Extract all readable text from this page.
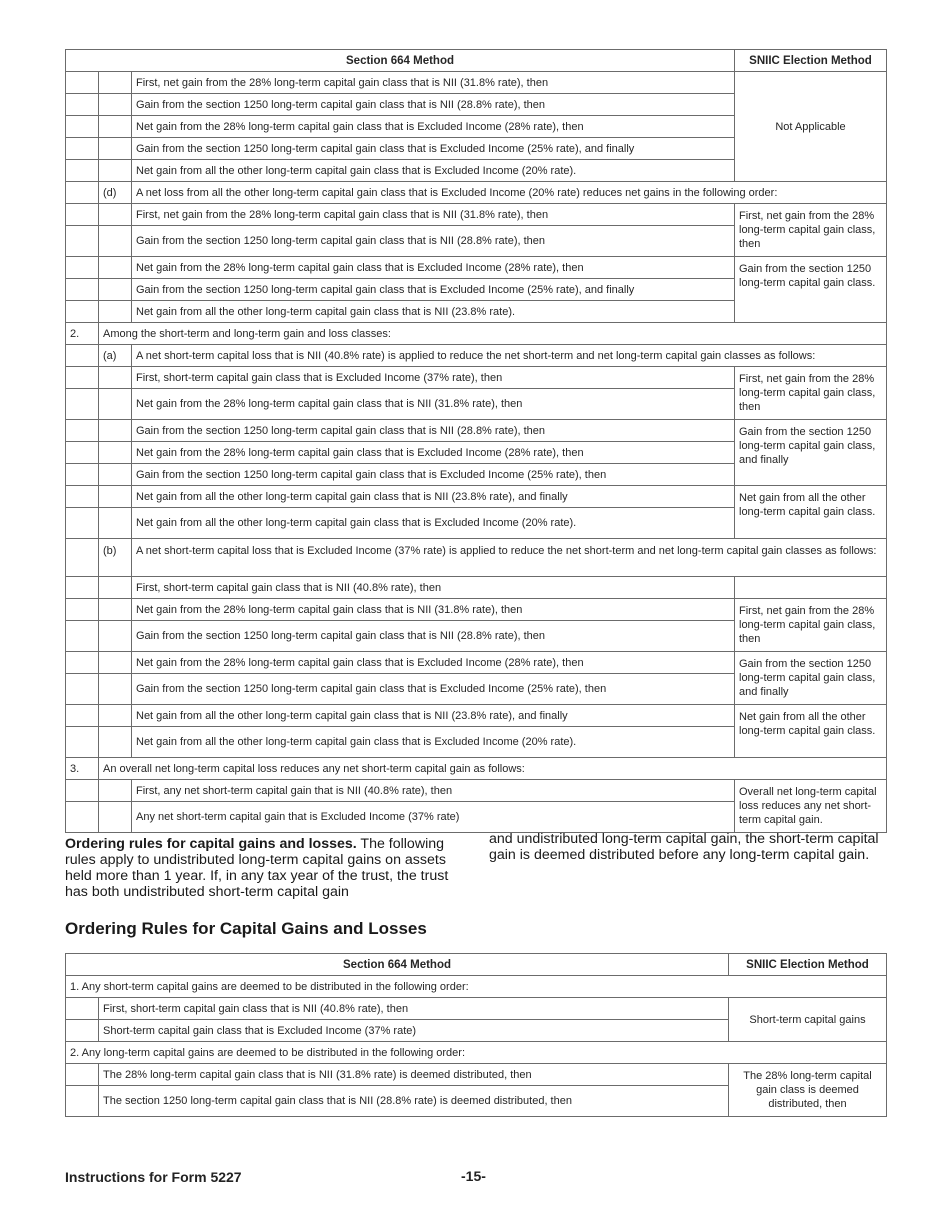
Section 664 Method			SNIIC Election Method
		First, net gain from the 28% long-term capital gain class that is NII (31.8% rate), then	Not Applicable
		Gain from the section 1250 long-term capital gain class that is NII (28.8% rate), then	
		Net gain from the 28% long-term capital gain class that is Excluded Income (28% rate), then	
		Gain from the section 1250 long-term capital gain class that is Excluded Income (25% rate), and finally	
		Net gain from all the other long-term capital gain class that is Excluded Income (20% rate).	
	(d)	A net loss from all the other long-term capital gain class that is Excluded Income (20% rate) reduces net gains in the following order:	
		First, net gain from the 28% long-term capital gain class that is NII (31.8% rate), then	First, net gain from the 28% long-term capital gain class, then
		Gain from the section 1250 long-term capital gain class that is NII (28.8% rate), then	
		Net gain from the 28% long-term capital gain class that is Excluded Income (28% rate), then	Gain from the section 1250 long-term capital gain class.
		Gain from the section 1250 long-term capital gain class that is Excluded Income (25% rate), and finally	
		Net gain from all the other long-term capital gain class that is NII (23.8% rate).	
2.	Among the short-term and long-term gain and loss classes:		
	(a)	A net short-term capital loss that is NII (40.8% rate) is applied to reduce the net short-term and net long-term capital gain classes as follows:	
		First, short-term capital gain class that is Excluded Income (37% rate), then	First, net gain from the 28% long-term capital gain class, then
		Net gain from the 28% long-term capital gain class that is NII (31.8% rate), then	
		Gain from the section 1250 long-term capital gain class that is NII (28.8% rate), then	Gain from the section 1250 long-term capital gain class, and finally
		Net gain from the 28% long-term capital gain class that is Excluded Income (28% rate), then	
		Gain from the section 1250 long-term capital gain class that is Excluded Income (25% rate), then	
		Net gain from all the other long-term capital gain class that is NII (23.8% rate), and finally	Net gain from all the other long-term capital gain class.
		Net gain from all the other long-term capital gain class that is Excluded Income (20% rate).	
	(b)	A net short-term capital loss that is Excluded Income (37% rate) is applied to reduce the net short-term and net long-term capital gain classes as follows:	
		First, short-term capital gain class that is NII (40.8% rate), then	
		Net gain from the 28% long-term capital gain class that is NII (31.8% rate), then	First, net gain from the 28% long-term capital gain class, then
		Gain from the section 1250 long-term capital gain class that is NII (28.8% rate), then	
		Net gain from the 28% long-term capital gain class that is Excluded Income (28% rate), then	Gain from the section 1250 long-term capital gain class, and finally
		Gain from the section 1250 long-term capital gain class that is Excluded Income (25% rate), then	
		Net gain from all the other long-term capital gain class that is NII (23.8% rate), and finally	Net gain from all the other long-term capital gain class.
		Net gain from all the other long-term capital gain class that is Excluded Income (20% rate).	
3.	An overall net long-term capital loss reduces any net short-term capital gain as follows:		
		First, any net short-term capital gain that is NII (40.8% rate), then	Overall net long-term capital loss reduces any net short-term capital gain.
		Any net short-term capital gain that is Excluded Income (37% rate)	
Ordering rules for capital gains and losses. The following rules apply to undistributed long-term capital gains on assets held more than 1 year. If, in any tax year of the trust, the trust has both undistributed short-term capital gain
and undistributed long-term capital gain, the short-term capital gain is deemed distributed before any long-term capital gain.
Ordering Rules for Capital Gains and Losses
Section 664 Method		SNIIC Election Method
1. Any short-term capital gains are deemed to be distributed in the following order:		
	First, short-term capital gain class that is NII (40.8% rate), then	Short-term capital gains
	Short-term capital gain class that is Excluded Income (37% rate)	
2. Any long-term capital gains are deemed to be distributed in the following order:		
	The 28% long-term capital gain class that is NII (31.8% rate) is deemed distributed, then	The 28% long-term capital gain class is deemed distributed, then
	The section 1250 long-term capital gain class that is NII (28.8% rate) is deemed distributed, then	
Instructions for Form 5227	-15-
